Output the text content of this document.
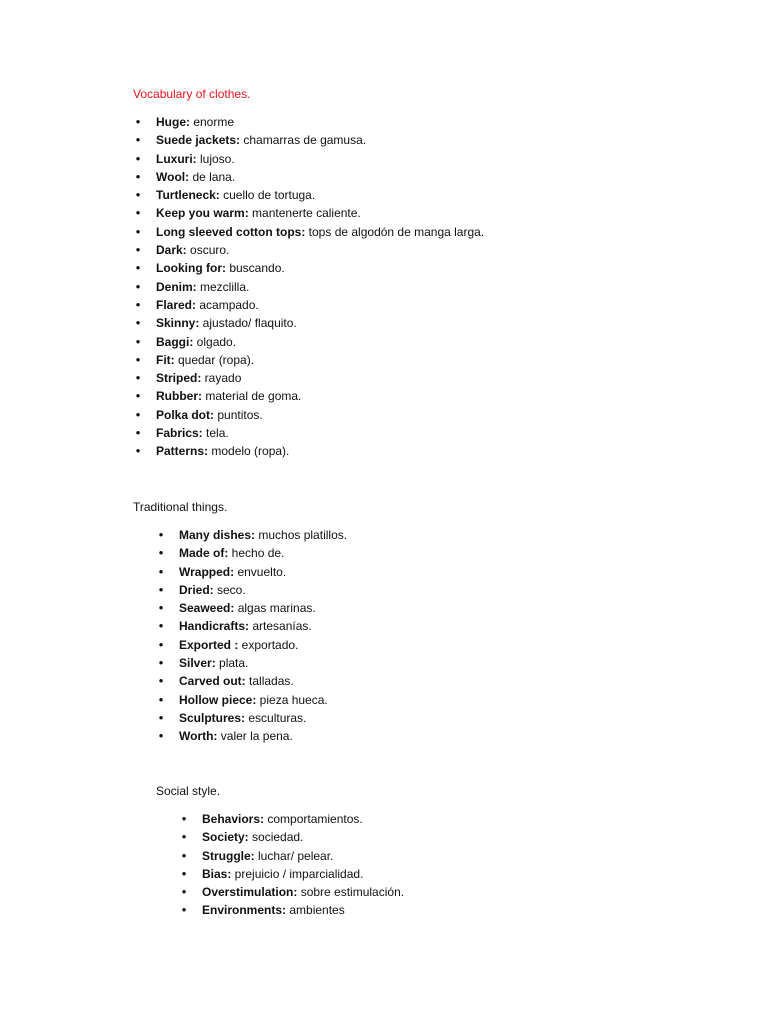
Vocabulary of clothes.
• Huge: enorme
• Suede jackets: chamarras de gamusa.
• Luxuri: lujoso.
• Wool: de lana.
• Turtleneck: cuello de tortuga.
• Keep you warm: mantenerte caliente.
• Long sleeved cotton tops: tops de algodón de manga larga.
• Dark: oscuro.
• Looking for: buscando.
• Denim: mezclilla.
• Flared: acampado.
• Skinny: ajustado/ flaquito.
• Baggi: olgado.
• Fit: quedar (ropa).
• Striped: rayado
• Rubber: material de goma.
• Polka dot: puntitos.
• Fabrics: tela.
• Patterns: modelo (ropa).
Traditional things.
• Many dishes: muchos platillos.
• Made of: hecho de.
• Wrapped: envuelto.
• Dried: seco.
• Seaweed: algas marinas.
• Handicrafts: artesanías.
• Exported : exportado.
• Silver: plata.
• Carved out: talladas.
• Hollow piece: pieza hueca.
• Sculptures: esculturas.
• Worth: valer la pena.
Social style.
• Behaviors: comportamientos.
• Society: sociedad.
• Struggle: luchar/ pelear.
• Bias: prejuicio / imparcialidad.
• Overstimulation: sobre estimulación.
• Environments: ambientes
